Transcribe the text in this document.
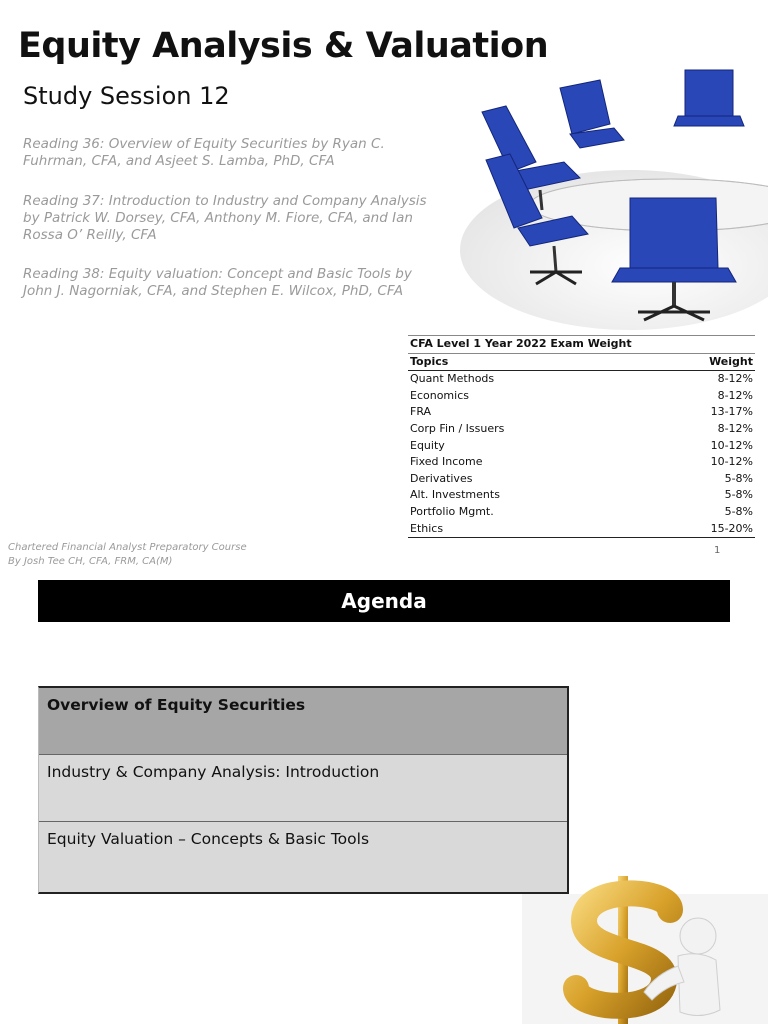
Equity Analysis & Valuation
Study Session 12
Reading 36: Overview of Equity Securities by Ryan C. Fuhrman, CFA, and Asjeet S. Lamba, PhD, CFA
Reading 37: Introduction to Industry and Company Analysis by Patrick W. Dorsey, CFA, Anthony M. Fiore, CFA, and Ian Rossa O’ Reilly, CFA
Reading 38: Equity valuation: Concept and Basic Tools by John J. Nagorniak, CFA, and Stephen E. Wilcox, PhD, CFA
CFA Level 1 Year 2022 Exam Weight	
Topics	Weight
Quant Methods	8-12%
Economics	8-12%
FRA	13-17%
Corp Fin / Issuers	8-12%
Equity	10-12%
Fixed Income	10-12%
Derivatives	5-8%
Alt. Investments	5-8%
Portfolio Mgmt.	5-8%
Ethics	15-20%
Chartered Financial Analyst Preparatory Course
By Josh Tee CH, CFA, FRM, CA(M)
1
Agenda
Overview of Equity Securities
Industry & Company Analysis: Introduction
Equity Valuation – Concepts & Basic Tools
